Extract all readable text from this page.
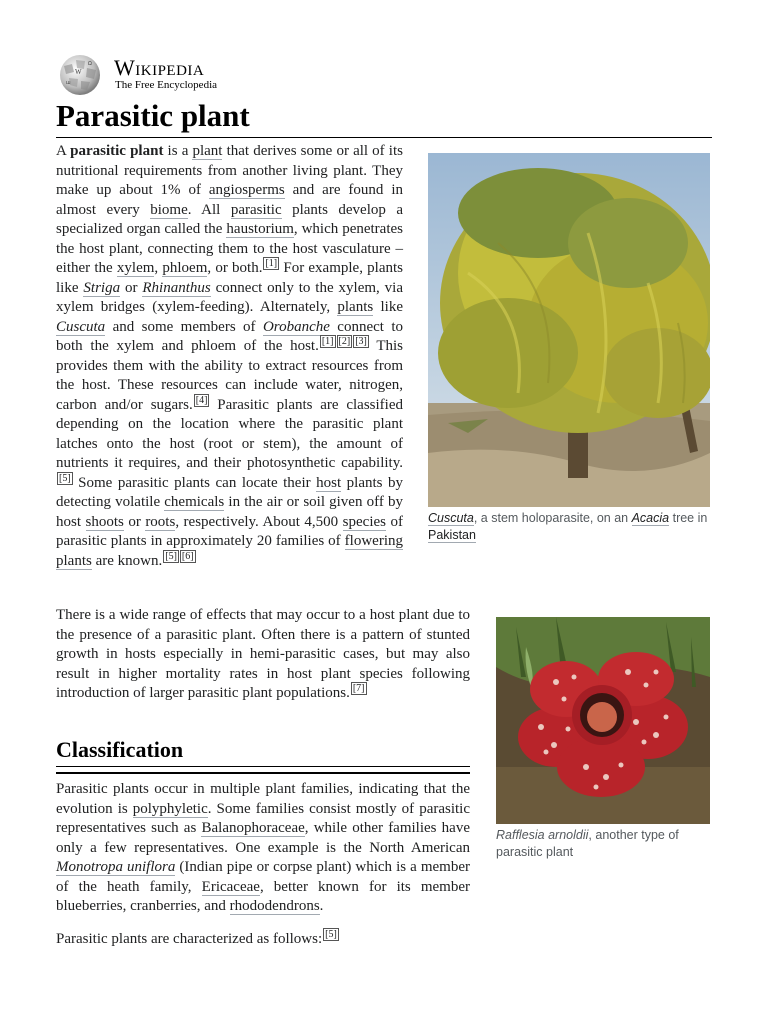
W
Ω
ш
Wikipedia
The Free Encyclopedia
Parasitic plant

A parasitic plant is a plant that derives some or all of its nutritional requirements from another living plant. They make up about 1% of angiosperms and are found in almost every biome. All parasitic plants develop a specialized organ called the haustorium, which penetrates the host plant, connecting them to the host vasculature – either the xylem, phloem, or both. [1] For example, plants like Striga or Rhinanthus connect only to the xylem, via xylem bridges (xylem-feeding). Alternately, plants like Cuscuta and some members of Orobanche connect to both the xylem and phloem of the host. [1] [2] [3] This provides them with the ability to extract resources from the host. These resources can include water, nitrogen, carbon and/or sugars. [4] Parasitic plants are classified depending on the location where the parasitic plant latches onto the host (root or stem), the amount of nutrients it requires, and their photosynthetic capability.[5] Some parasitic plants can locate their host plants by detecting volatile chemicals in the air or soil given off by host shoots or roots, respectively. About 4,500 species of parasitic plants in approximately 20 families of flowering plants are known. [5] [6]

Cuscuta, a stem holoparasite, on an Acacia tree in Pakistan

There is a wide range of effects that may occur to a host plant due to the presence of a parasitic plant. Often there is a pattern of stunted growth in hosts especially in hemi-parasitic cases, but may also result in higher mortality rates in host plant species following introduction of larger parasitic plant populations. [7]

Rafflesia arnoldii, another type of parasitic plant
Classification

Parasitic plants occur in multiple plant families, indicating that the evolution is polyphyletic. Some families consist mostly of parasitic representatives such as Balanophoraceae, while other families have only a few representatives. One example is the North American Monotropa uniflora (Indian pipe or corpse plant) which is a member of the heath family, Ericaceae, better known for its member blueberries, cranberries, and rhododendrons.

Parasitic plants are characterized as follows: [5]
